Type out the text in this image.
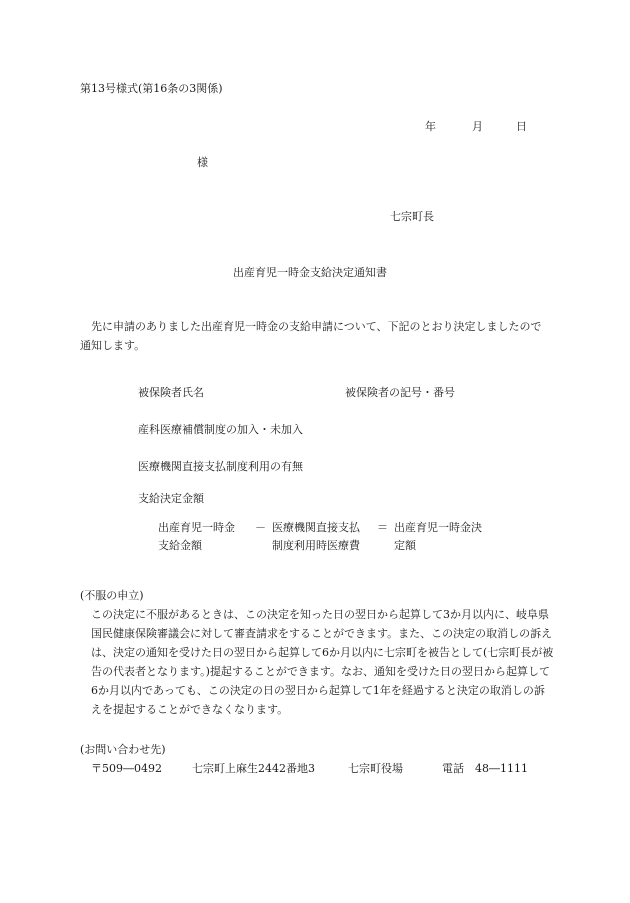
第13号様式(第16条の3関係)
年	月	日
様
七宗町長
出産育児一時金支給決定通知書
先に申請のありました出産育児一時金の支給申請について、下記のとおり決定しましたので通知します。
被保険者氏名	被保険者の記号・番号
産科医療補償制度の加入・未加入
医療機関直接支払制度利用の有無
支給決定金額
出産育児一時金
支給金額
－ 医療機関直接支払
制度利用時医療費
＝ 出産育児一時金決
定額
(不服の申立)
この決定に不服があるときは、この決定を知った日の翌日から起算して3か月以内に、岐阜県国民健康保険審議会に対して審査請求をすることができます。また、この決定の取消しの訴えは、決定の通知を受けた日の翌日から起算して6か月以内に七宗町を被告として(七宗町長が被告の代表者となります。)提起することができます。なお、通知を受けた日の翌日から起算して6か月以内であっても、この決定の日の翌日から起算して1年を経過すると決定の取消しの訴えを提起することができなくなります。
(お問い合わせ先)
〒509―0492	七宗町上麻生2442番地3	七宗町役場	電話 48―1111
